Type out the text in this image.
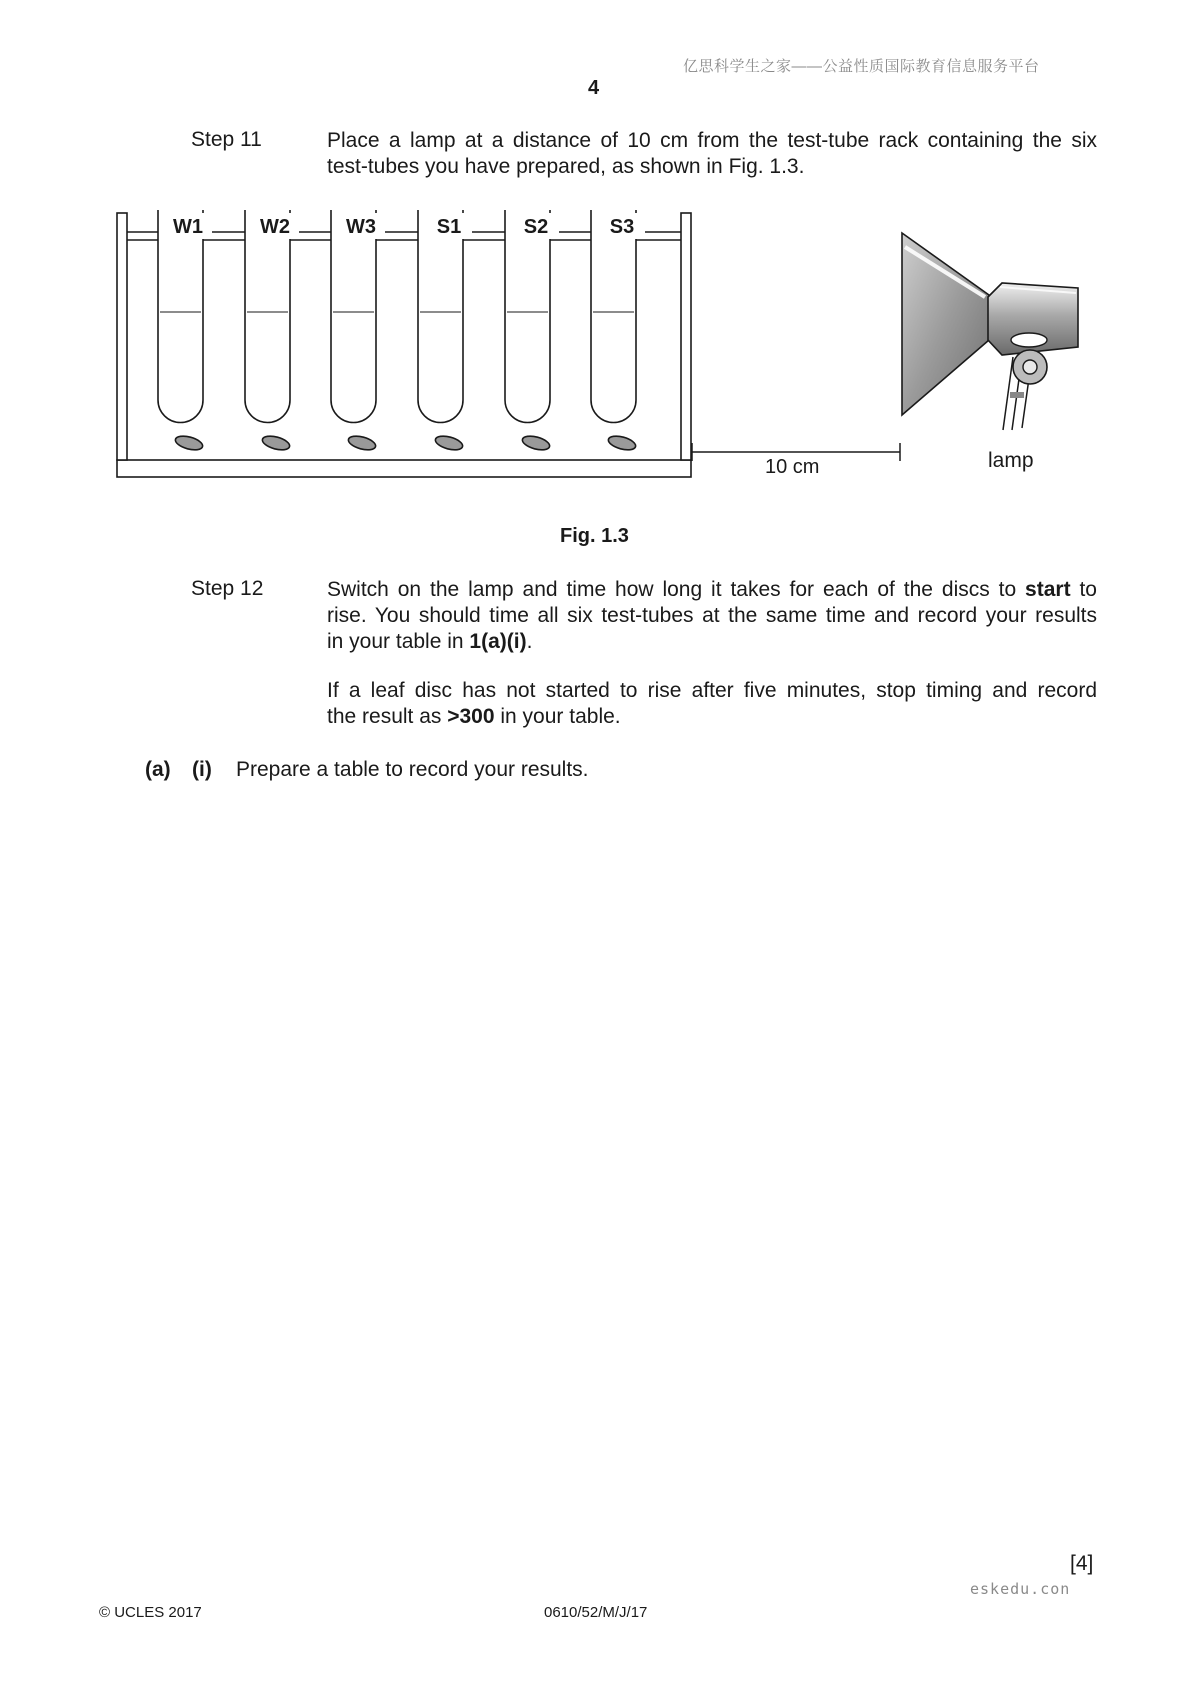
亿思科学生之家——公益性质国际教育信息服务平台
4
Step 11	Place a lamp at a distance of 10 cm from the test-tube rack containing the six
test-tubes you have prepared, as shown in Fig. 1.3.
W1	W2	W3	S1	S2	S3
10 cm	lamp
Fig. 1.3
Step 12	Switch on the lamp and time how long it takes for each of the discs to start to
rise. You should time all six test-tubes at the same time and record your results
in your table in 1(a)(i).
If a leaf disc has not started to rise after five minutes, stop timing and record
the result as >300 in your table.
(a) (i) Prepare a table to record your results.
[4]
eskedu.con
© UCLES 2017	0610/52/M/J/17
